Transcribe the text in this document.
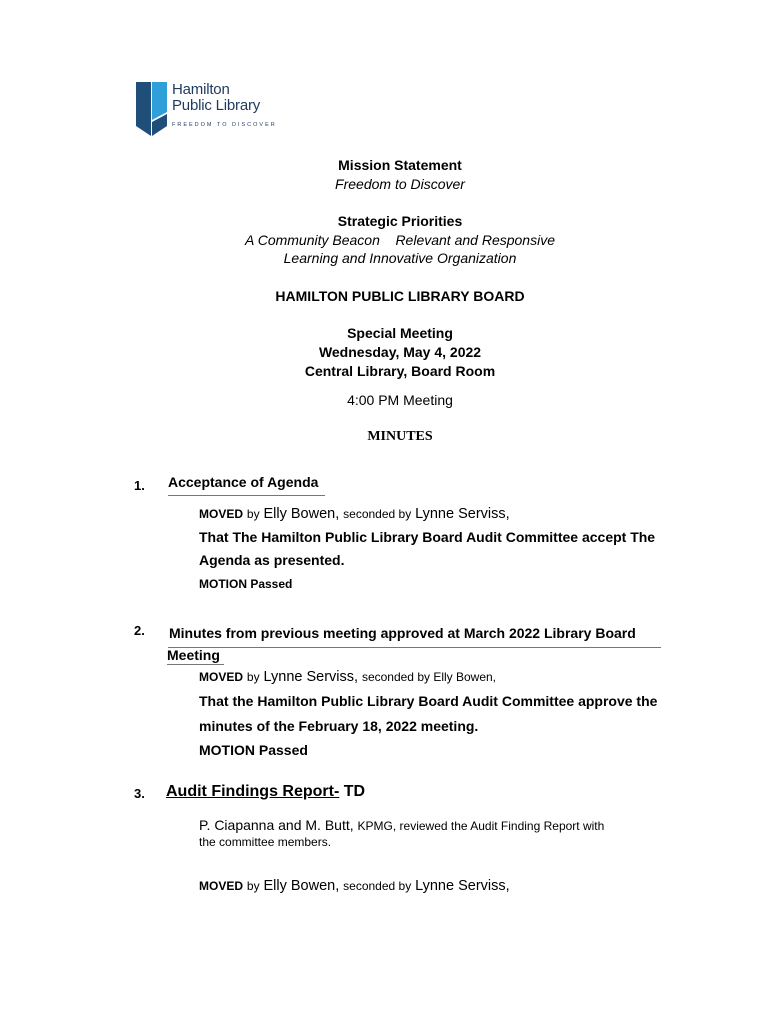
Hamilton
Public Library
FREEDOM TO DISCOVER
Mission Statement
Freedom to Discover
Strategic Priorities
A Community Beacon Relevant and Responsive
Learning and Innovative Organization
HAMILTON PUBLIC LIBRARY BOARD
Special Meeting
Wednesday, May 4, 2022
Central Library, Board Room
4:00 PM Meeting
MINUTES
1. Acceptance of Agenda
MOVED by Elly Bowen, seconded by Lynne Serviss,
That The Hamilton Public Library Board Audit Committee accept The
Agenda as presented.
MOTION Passed
2. Minutes from previous meeting approved at March 2022 Library Board
Meeting
MOVED by Lynne Serviss, seconded by Elly Bowen,
That the Hamilton Public Library Board Audit Committee approve the
minutes of the February 18, 2022 meeting.
MOTION Passed
3. Audit Findings Report- TD
P. Ciapanna and M. Butt, KPMG, reviewed the Audit Finding Report with
the committee members.
MOVED by Elly Bowen, seconded by Lynne Serviss,
